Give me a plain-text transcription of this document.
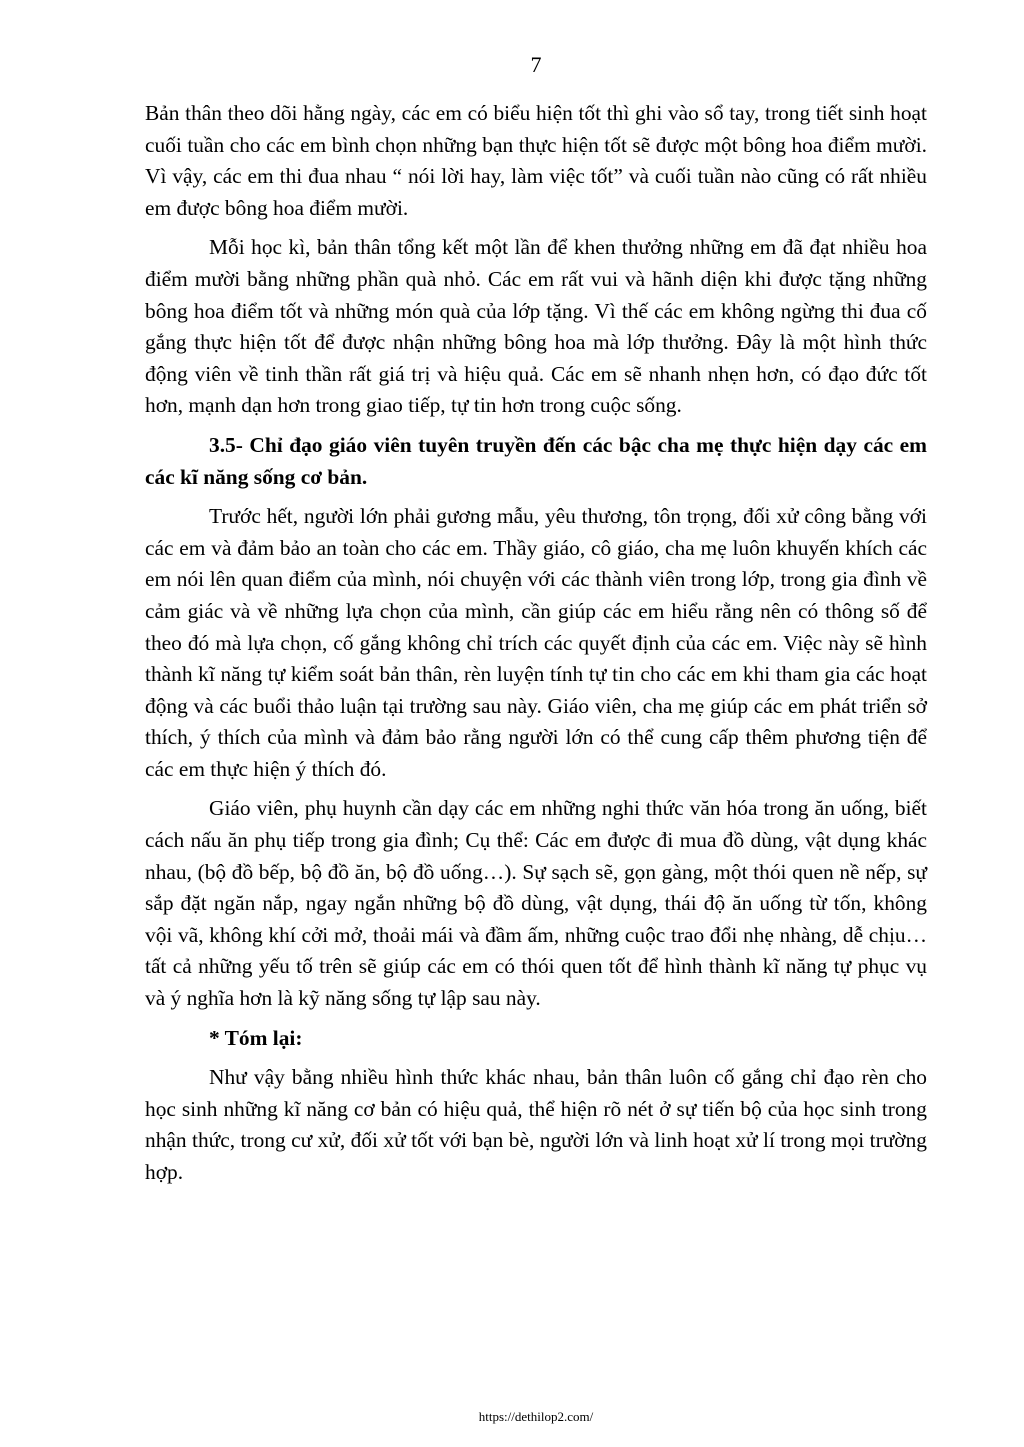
7

Bản thân theo dõi hằng ngày, các em có biểu hiện tốt thì ghi vào sổ tay, trong tiết sinh hoạt cuối tuần cho các em bình chọn những bạn thực hiện tốt sẽ được một bông hoa điểm mười. Vì vậy, các em thi đua nhau “ nói lời hay, làm việc tốt” và cuối tuần nào cũng có rất nhiều em được bông hoa điểm mười.

Mỗi học kì, bản thân tổng kết một lần để khen thưởng những em đã đạt nhiều hoa điểm mười bằng những phần quà nhỏ. Các em rất vui và hãnh diện khi được tặng những bông hoa điểm tốt và những món quà của lớp tặng. Vì thế các em không ngừng thi đua cố gắng thực hiện tốt để được nhận những bông hoa mà lớp thưởng. Đây là một hình thức động viên về tinh thần rất giá trị và hiệu quả. Các em sẽ nhanh nhẹn hơn, có đạo đức tốt hơn, mạnh dạn hơn trong giao tiếp, tự tin hơn trong cuộc sống.

3.5- Chỉ đạo giáo viên tuyên truyền đến các bậc cha mẹ thực hiện dạy các em các kĩ năng sống cơ bản.

Trước hết, người lớn phải gương mẫu, yêu thương, tôn trọng, đối xử công bằng với các em và đảm bảo an toàn cho các em. Thầy giáo, cô giáo, cha mẹ luôn khuyến khích các em nói lên quan điểm của mình, nói chuyện với các thành viên trong lớp, trong gia đình về cảm giác và về những lựa chọn của mình, cần giúp các em hiểu rằng nên có thông số để theo đó mà lựa chọn, cố gắng không chỉ trích các quyết định của các em. Việc này sẽ hình thành kĩ năng tự kiểm soát bản thân, rèn luyện tính tự tin cho các em khi tham gia các hoạt động và các buổi thảo luận tại trường sau này. Giáo viên, cha mẹ giúp các em phát triển sở thích, ý thích của mình và đảm bảo rằng người lớn có thể cung cấp thêm phương tiện để các em thực hiện ý thích đó.

Giáo viên, phụ huynh cần dạy các em những nghi thức văn hóa trong ăn uống, biết cách nấu ăn phụ tiếp trong gia đình; Cụ thể: Các em được đi mua đồ dùng, vật dụng khác nhau, (bộ đồ bếp, bộ đồ ăn, bộ đồ uống…). Sự sạch sẽ, gọn gàng, một thói quen nề nếp, sự sắp đặt ngăn nắp, ngay ngắn những bộ đồ dùng, vật dụng, thái độ ăn uống từ tốn, không vội vã, không khí cởi mở, thoải mái và đầm ấm, những cuộc trao đổi nhẹ nhàng, dễ chịu… tất cả những yếu tố trên sẽ giúp các em có thói quen tốt để hình thành kĩ năng tự phục vụ và ý nghĩa hơn là kỹ năng sống tự lập sau này.

* Tóm lại:

Như vậy bằng nhiều hình thức khác nhau, bản thân luôn cố gắng chỉ đạo rèn cho học sinh những kĩ năng cơ bản có hiệu quả, thể hiện rõ nét ở sự tiến bộ của học sinh trong nhận thức, trong cư xử, đối xử tốt với bạn bè, người lớn và linh hoạt xử lí trong mọi trường hợp.

https://dethilop2.com/
